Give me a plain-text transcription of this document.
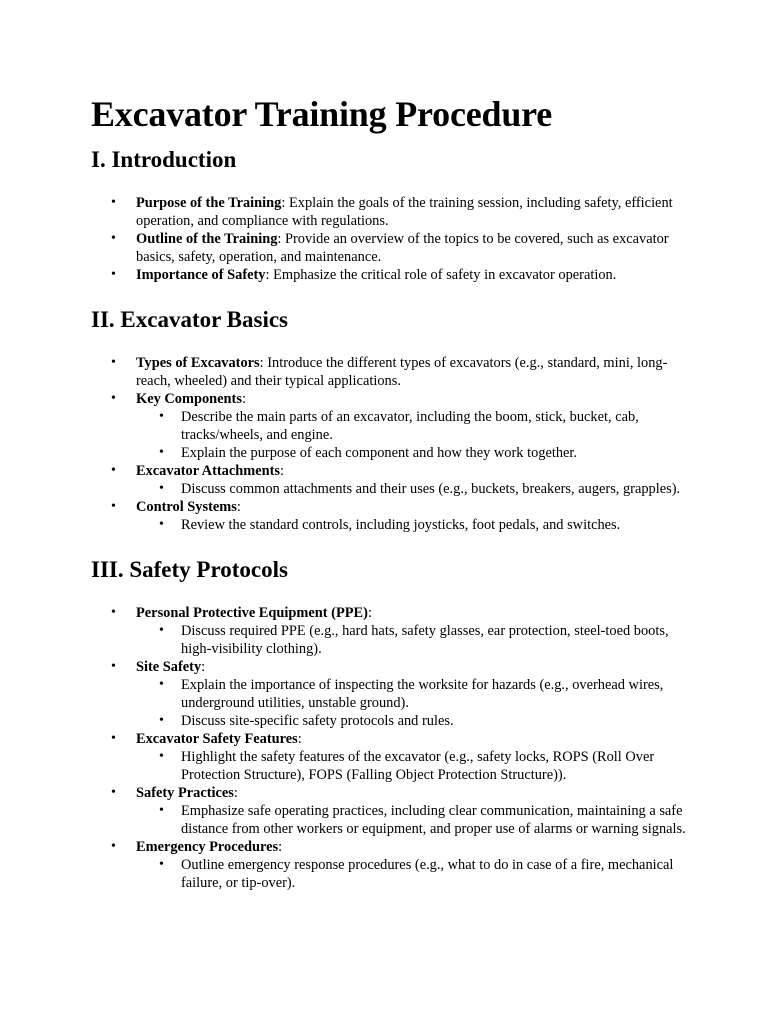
Excavator Training Procedure
I. Introduction
• Purpose of the Training: Explain the goals of the training session, including safety, efficient operation, and compliance with regulations.
• Outline of the Training: Provide an overview of the topics to be covered, such as excavator basics, safety, operation, and maintenance.
• Importance of Safety: Emphasize the critical role of safety in excavator operation.
II. Excavator Basics
• Types of Excavators: Introduce the different types of excavators (e.g., standard, mini, long-reach, wheeled) and their typical applications.
• Key Components:
• Describe the main parts of an excavator, including the boom, stick, bucket, cab, tracks/wheels, and engine.
• Explain the purpose of each component and how they work together.
• Excavator Attachments:
• Discuss common attachments and their uses (e.g., buckets, breakers, augers, grapples).
• Control Systems:
• Review the standard controls, including joysticks, foot pedals, and switches.
III. Safety Protocols
• Personal Protective Equipment (PPE):
• Discuss required PPE (e.g., hard hats, safety glasses, ear protection, steel-toed boots, high-visibility clothing).
• Site Safety:
• Explain the importance of inspecting the worksite for hazards (e.g., overhead wires, underground utilities, unstable ground).
• Discuss site-specific safety protocols and rules.
• Excavator Safety Features:
• Highlight the safety features of the excavator (e.g., safety locks, ROPS (Roll Over Protection Structure), FOPS (Falling Object Protection Structure)).
• Safety Practices:
• Emphasize safe operating practices, including clear communication, maintaining a safe distance from other workers or equipment, and proper use of alarms or warning signals.
• Emergency Procedures:
• Outline emergency response procedures (e.g., what to do in case of a fire, mechanical failure, or tip-over).
